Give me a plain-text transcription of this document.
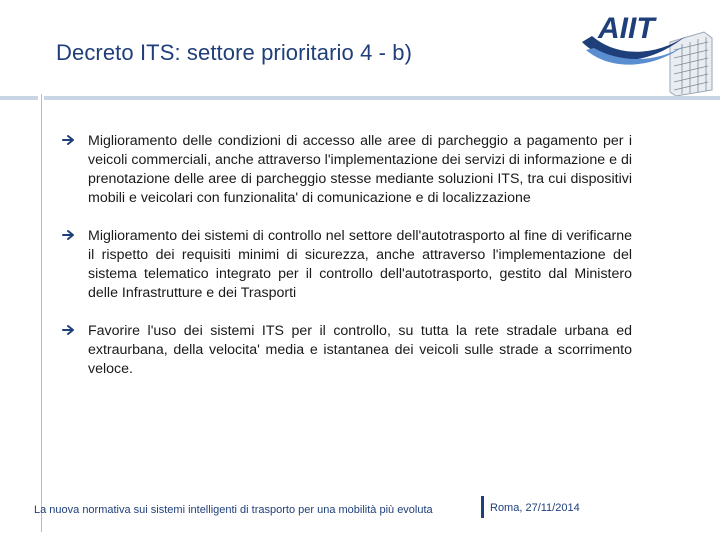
Decreto ITS: settore prioritario 4 - b)
AIIT
Miglioramento delle condizioni di accesso alle aree di parcheggio a pagamento per i veicoli commerciali, anche attraverso l'implementazione dei servizi di informazione e di prenotazione delle aree di parcheggio stesse mediante soluzioni ITS, tra cui dispositivi mobili e veicolari con funzionalita' di comunicazione e di localizzazione
Miglioramento dei sistemi di controllo nel settore dell'autotrasporto al fine di verificarne il rispetto dei requisiti minimi di sicurezza, anche attraverso l'implementazione del sistema telematico integrato per il controllo dell'autotrasporto, gestito dal Ministero delle Infrastrutture e dei Trasporti
Favorire l'uso dei sistemi ITS per il controllo, su tutta la rete stradale urbana ed extraurbana, della velocita' media e istantanea dei veicoli sulle strade a scorrimento veloce.
La nuova normativa sui sistemi intelligenti di trasporto per una mobilità più evoluta	Roma, 27/11/2014
